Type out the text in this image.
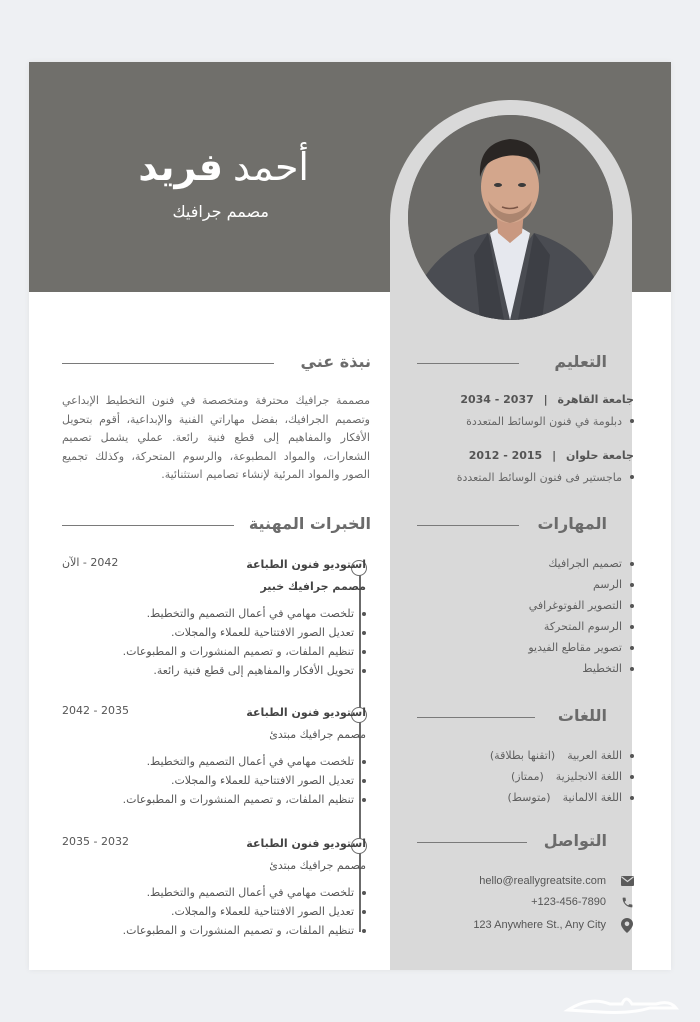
أحمدفريد
مصمم جرافيك
نبذة عني
مصممة جرافيك محترفة ومتخصصة في فنون التخطيط الإبداعي وتصميم الجرافيك، بفضل مهاراتي الفنية والإبداعية، أقوم بتحويل الأفكار والمفاهيم إلى قطع فنية رائعة. عملي يشمل تصميم الشعارات، والمواد المطبوعة، والرسوم المتحركة، وكذلك تجميع الصور والمواد المرئية لإنشاء تصاميم استثنائية.
التعليم
جامعة القاهرة | 2034 - 2037
دبلومة في فنون الوسائط المتعددة
جامعة حلوان | 2012 - 2015
ماجستير فى فنون الوسائط المتعددة
الخبرات المهنية
استوديو فنون الطباعة
2042 - الآن
مصمم جرافيك خبير
تلخصت مهامي في أعمال التصميم والتخطيط.
تعديل الصور الافتتاحية للعملاء والمجلات.
تنظيم الملفات، و تصميم المنشورات و المطبوعات.
تحويل الأفكار والمفاهيم إلى قطع فنية رائعة.
استوديو فنون الطباعة
2042 - 2035
مصمم جرافيك مبتدئ
تلخصت مهامي في أعمال التصميم والتخطيط.
تعديل الصور الافتتاحية للعملاء والمجلات.
تنظيم الملفات، و تصميم المنشورات و المطبوعات.
استوديو فنون الطباعة
2035 - 2032
مصمم جرافيك مبتدئ
تلخصت مهامي في أعمال التصميم والتخطيط.
تعديل الصور الافتتاحية للعملاء والمجلات.
تنظيم الملفات، و تصميم المنشورات و المطبوعات.
المهارات
تصميم الجرافيك
الرسم
التصوير الفوتوغرافي
الرسوم المتحركة
تصوير مقاطع الفيديو
التخطيط
اللغات
اللغة العربية
(اتقنها بطلاقة)
اللغة الانجليزية
(ممتاز)
اللغة الالمانية
(متوسط)
التواصل
hello@reallygreatsite.com
+123-456-7890
123 Anywhere St., Any City
